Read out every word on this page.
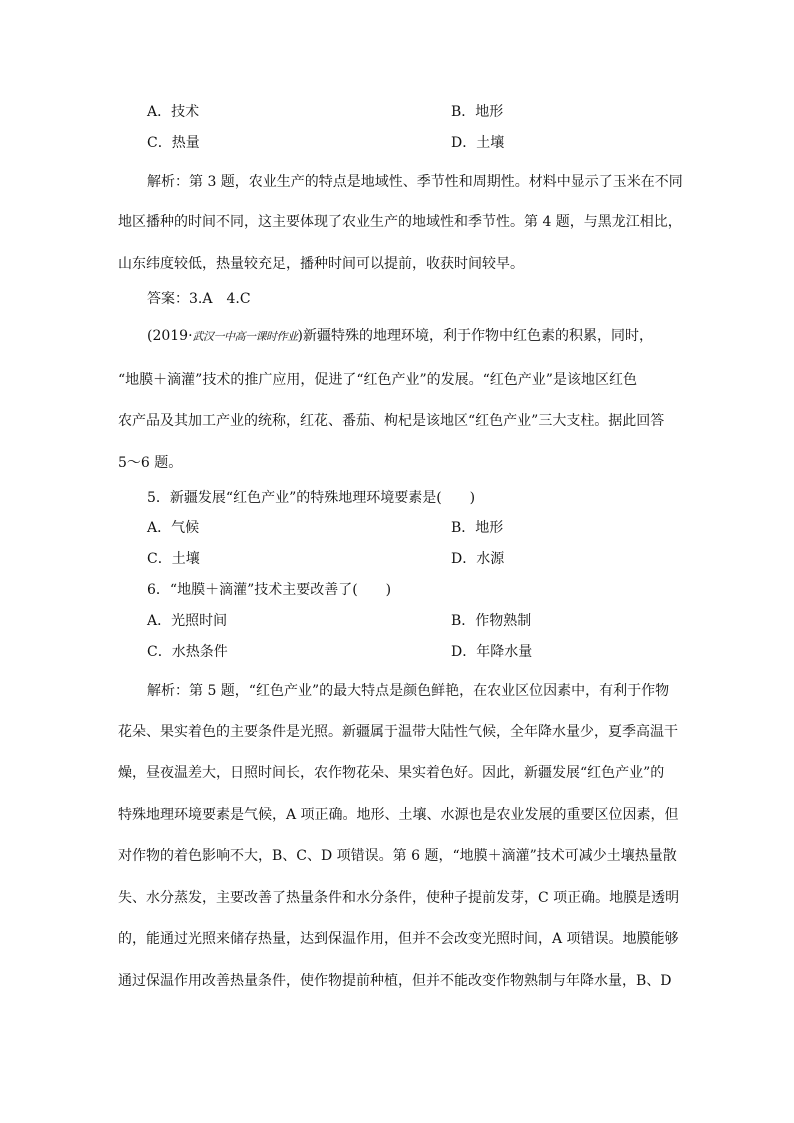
A．技术	B．地形
C．热量	D．土壤
解析：第 3 题，农业生产的特点是地域性、季节性和周期性。材料中显示了玉米在不同
地区播种的时间不同，这主要体现了农业生产的地域性和季节性。第 4 题，与黑龙江相比，
山东纬度较低，热量较充足，播种时间可以提前，收获时间较早。
答案：3.A　4.C
(2019·武汉一中高一课时作业)新疆特殊的地理环境，利于作物中红色素的积累，同时，
“地膜＋滴灌”技术的推广应用，促进了“红色产业”的发展。“红色产业”是该地区红色
农产品及其加工产业的统称，红花、番茄、枸杞是该地区“红色产业”三大支柱。据此回答
5～6 题。
5．新疆发展“红色产业”的特殊地理环境要素是(　　)
A．气候	B．地形
C．土壤	D．水源
6．“地膜＋滴灌”技术主要改善了(　　)
A．光照时间	B．作物熟制
C．水热条件	D．年降水量
解析：第 5 题，“红色产业”的最大特点是颜色鲜艳，在农业区位因素中，有利于作物
花朵、果实着色的主要条件是光照。新疆属于温带大陆性气候，全年降水量少，夏季高温干
燥，昼夜温差大，日照时间长，农作物花朵、果实着色好。因此，新疆发展“红色产业”的
特殊地理环境要素是气候，A 项正确。地形、土壤、水源也是农业发展的重要区位因素，但
对作物的着色影响不大，B、C、D 项错误。第 6 题，“地膜＋滴灌”技术可减少土壤热量散
失、水分蒸发，主要改善了热量条件和水分条件，使种子提前发芽，C 项正确。地膜是透明
的，能通过光照来储存热量，达到保温作用，但并不会改变光照时间，A 项错误。地膜能够
通过保温作用改善热量条件，使作物提前种植，但并不能改变作物熟制与年降水量，B、D
